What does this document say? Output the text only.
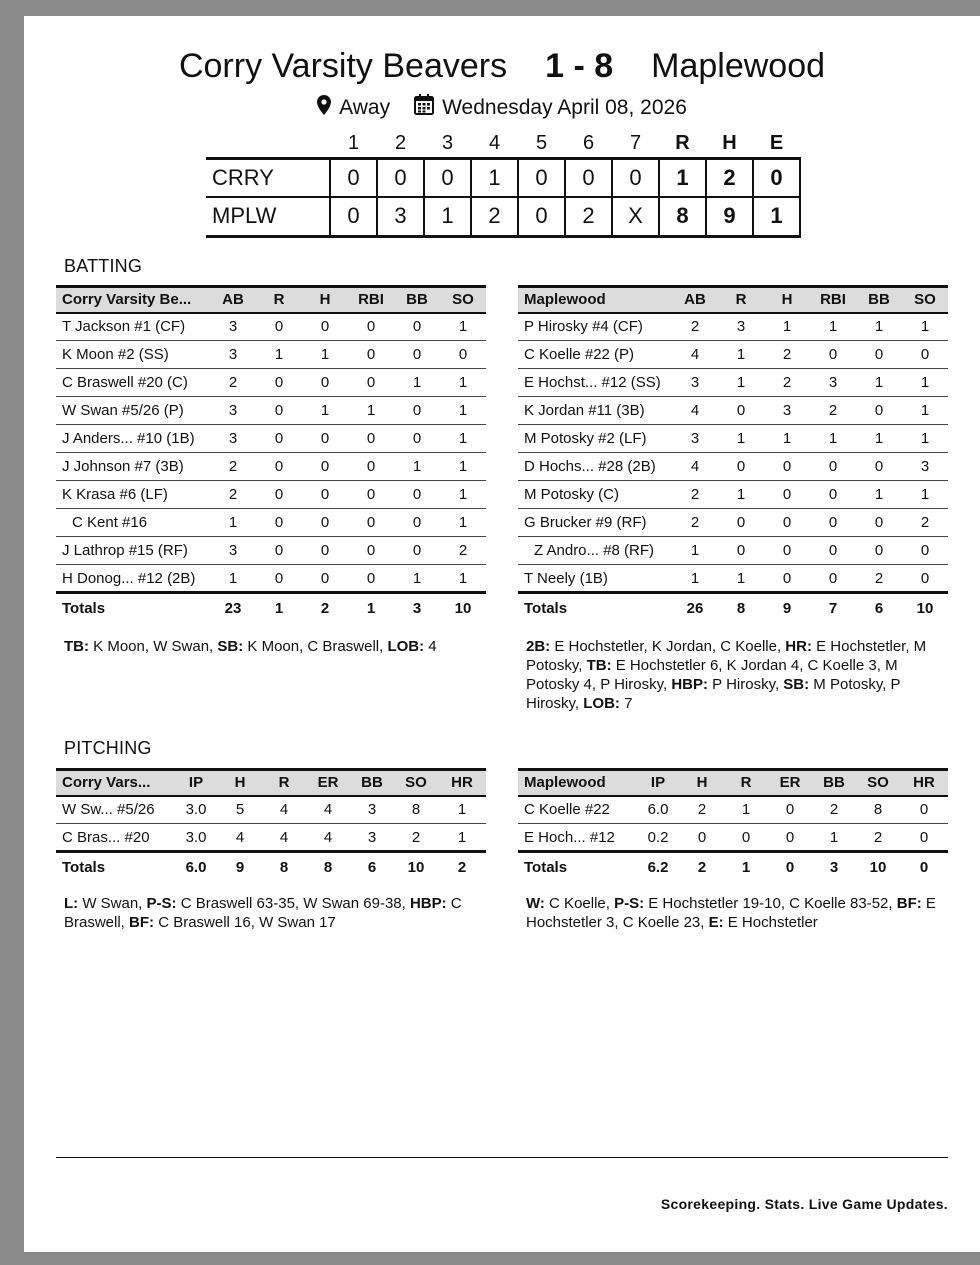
Corry Varsity Beavers 1 - 8 Maplewood
Away Wednesday April 08, 2026
	1	2	3	4	5	6	7	R	H	E
CRRY	0	0	0	1	0	0	0	1	2	0
MPLW	0	3	1	2	0	2	X	8	9	1
BATTING
Corry Varsity Be...	AB	R	H	RBI	BB	SO
T Jackson #1 (CF)	3	0	0	0	0	1
K Moon #2 (SS)	3	1	1	0	0	0
C Braswell #20 (C)	2	0	0	0	1	1
W Swan #5/26 (P)	3	0	1	1	0	1
J Anders... #10 (1B)	3	0	0	0	0	1
J Johnson #7 (3B)	2	0	0	0	1	1
K Krasa #6 (LF)	2	0	0	0	0	1
C Kent #16	1	0	0	0	0	1
J Lathrop #15 (RF)	3	0	0	0	0	2
H Donog... #12 (2B)	1	0	0	0	1	1
Totals	23	1	2	1	3	10
Maplewood	AB	R	H	RBI	BB	SO
P Hirosky #4 (CF)	2	3	1	1	1	1
C Koelle #22 (P)	4	1	2	0	0	0
E Hochst... #12 (SS)	3	1	2	3	1	1
K Jordan #11 (3B)	4	0	3	2	0	1
M Potosky #2 (LF)	3	1	1	1	1	1
D Hochs... #28 (2B)	4	0	0	0	0	3
M Potosky (C)	2	1	0	0	1	1
G Brucker #9 (RF)	2	0	0	0	0	2
Z Andro... #8 (RF)	1	0	0	0	0	0
T Neely (1B)	1	1	0	0	2	0
Totals	26	8	9	7	6	10
TB: K Moon, W Swan, SB: K Moon, C Braswell, LOB: 4	2B: E Hochstetler, K Jordan, C Koelle, HR: E Hochstetler, M Potosky, TB: E Hochstetler 6, K Jordan 4, C Koelle 3, M Potosky 4, P Hirosky, HBP: P Hirosky, SB: M Potosky, P Hirosky, LOB: 7
PITCHING
Corry Vars...	IP	H	R	ER	BB	SO	HR
W Sw... #5/26	3.0	5	4	4	3	8	1
C Bras... #20	3.0	4	4	4	3	2	1
Totals	6.0	9	8	8	6	10	2
Maplewood	IP	H	R	ER	BB	SO	HR
C Koelle #22	6.0	2	1	0	2	8	0
E Hoch... #12	0.2	0	0	0	1	2	0
Totals	6.2	2	1	0	3	10	0
L: W Swan, P-S: C Braswell 63-35, W Swan 69-38, HBP: C Braswell, BF: C Braswell 16, W Swan 17
W: C Koelle, P-S: E Hochstetler 19-10, C Koelle 83-52, BF: E Hochstetler 3, C Koelle 23, E: E Hochstetler
Scorekeeping. Stats. Live Game Updates.
